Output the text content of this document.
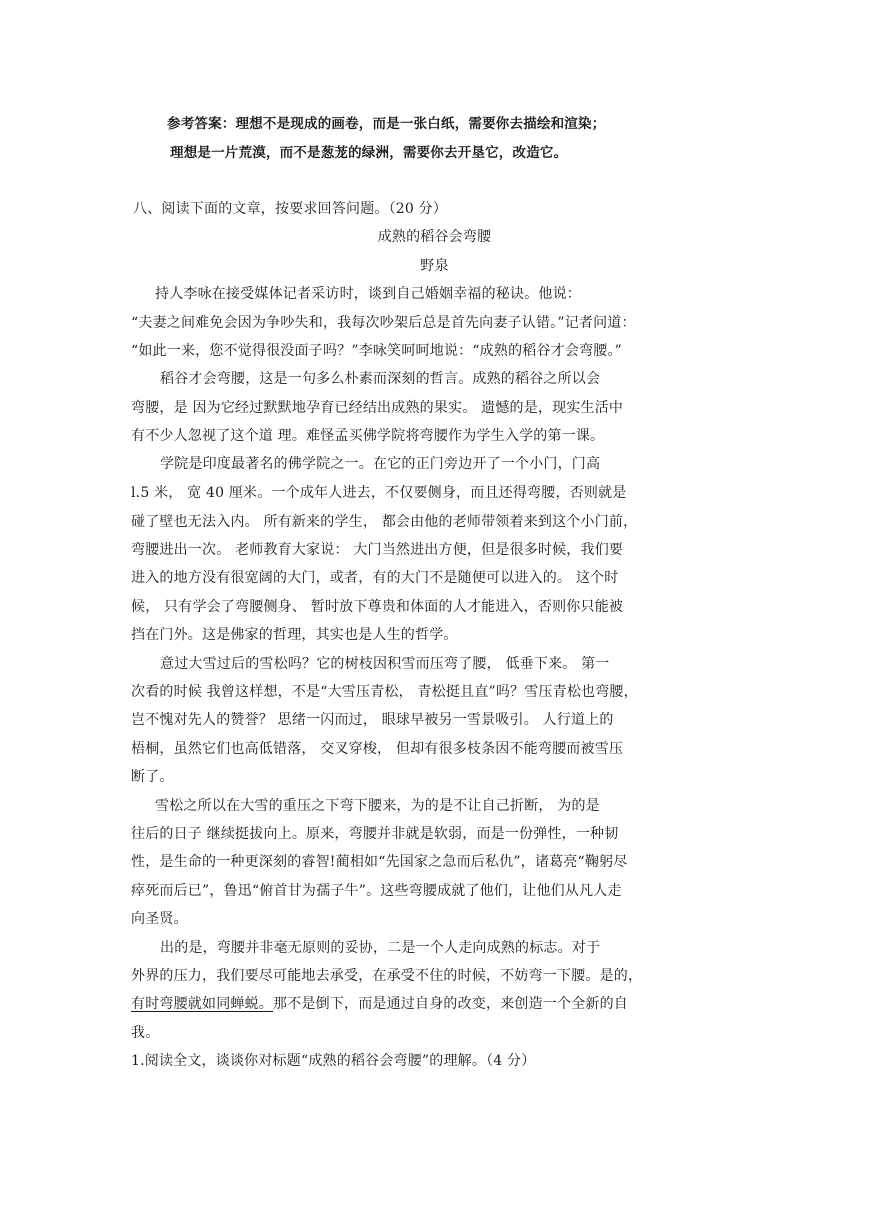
参考答案：理想不是现成的画卷，而是一张白纸，需要你去描绘和渲染；
理想是一片荒漠，而不是葱茏的绿洲，需要你去开垦它，改造它。
八、阅读下面的文章，按要求回答问题。（20 分）
成熟的稻谷会弯腰
野泉
持人李咏在接受媒体记者采访时，谈到自己婚姻幸福的秘诀。他说：
“夫妻之间难免会因为争吵失和，我每次吵架后总是首先向妻子认错。”记者问道：
“如此一来，您不觉得很没面子吗？”李咏笑呵呵地说：“成熟的稻谷才会弯腰。”
稻谷才会弯腰，这是一句多么朴素而深刻的哲言。成熟的稻谷之所以会
弯腰，是 因为它经过默默地孕育已经结出成熟的果实。 遗憾的是，现实生活中
有不少人忽视了这个道 理。难怪孟买佛学院将弯腰作为学生入学的第一课。
学院是印度最著名的佛学院之一。在它的正门旁边开了一个小门，门高
l.5 米， 宽 40 厘米。一个成年人进去，不仅要侧身，而且还得弯腰，否则就是
碰了壁也无法入内。 所有新来的学生， 都会由他的老师带领着来到这个小门前，
弯腰进出一次。 老师教育大家说： 大门当然进出方便，但是很多时候，我们要
进入的地方没有很宽阔的大门，或者，有的大门不是随便可以进入的。 这个时
候， 只有学会了弯腰侧身、 暂时放下尊贵和体面的人才能进入，否则你只能被
挡在门外。这是佛家的哲理，其实也是人生的哲学。
意过大雪过后的雪松吗？它的树枝因积雪而压弯了腰， 低垂下来。 第一
次看的时候 我曾这样想，不是“大雪压青松， 青松挺且直”吗？雪压青松也弯腰，
岂不愧对先人的赞誉？ 思绪一闪而过， 眼球早被另一雪景吸引。 人行道上的
梧桐，虽然它们也高低错落， 交叉穿梭， 但却有很多枝条因不能弯腰而被雪压
断了。
雪松之所以在大雪的重压之下弯下腰来，为的是不让自己折断， 为的是
往后的日子 继续挺拔向上。原来，弯腰并非就是软弱，而是一份弹性，一种韧
性，是生命的一种更深刻的睿智!蔺相如“先国家之急而后私仇”，诸葛亮“鞠躬尽
瘁死而后已”，鲁迅“俯首甘为孺子牛”。这些弯腰成就了他们，让他们从凡人走
向圣贤。
出的是，弯腰并非毫无原则的妥协，二是一个人走向成熟的标志。对于
外界的压力，我们要尽可能地去承受，在承受不住的时候，不妨弯一下腰。是的，
有时弯腰就如同蝉蜕。那不是倒下，而是通过自身的改变，来创造一个全新的自
我。
1.阅读全文，谈谈你对标题“成熟的稻谷会弯腰”的理解。（4 分）
